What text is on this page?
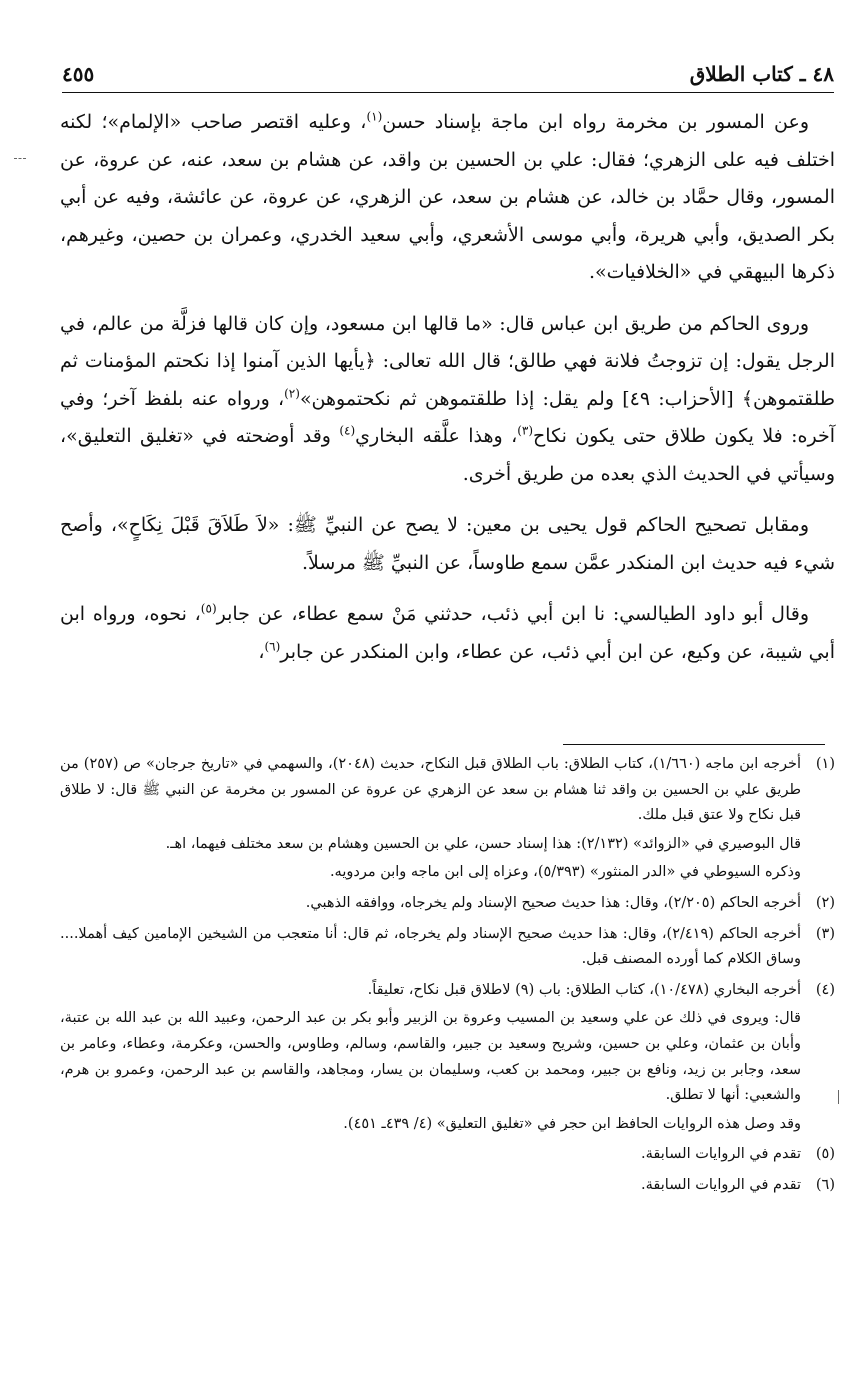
٤٨ ـ كتاب الطلاق
٤٥٥

وعن المسور بن مخرمة رواه ابن ماجة بإسناد حسن$^{(١)}$، وعليه اقتصر صاحب «الإلمام»؛ لكنه اختلف فيه على الزهري؛ فقال: علي بن الحسين بن واقد، عن هشام بن سعد، عنه، عن عروة، عن المسور، وقال حمَّاد بن خالد، عن هشام بن سعد، عن الزهري، عن عروة، عن عائشة، وفيه عن أبي بكر الصديق، وأبي هريرة، وأبي موسى الأشعري، وأبي سعيد الخدري، وعمران بن حصين، وغيرهم، ذكرها البيهقي في «الخلافيات».

وروى الحاكم من طريق ابن عباس قال: «ما قالها ابن مسعود، وإن كان قالها فزلَّة من عالم، في الرجل يقول: إن تزوجتُ فلانة فهي طالق؛ قال الله تعالى: ﴿يأيها الذين آمنوا إذا نكحتم المؤمنات ثم طلقتموهن﴾ [الأحزاب: ٤٩] ولم يقل: إذا طلقتموهن ثم نكحتموهن»$^{(٢)}$، ورواه عنه بلفظ آخر؛ وفي آخره: فلا يكون طلاق حتى يكون نكاح$^{(٣)}$، وهذا علَّقه البخاري$^{(٤)}$ وقد أوضحته في «تغليق التعليق»، وسيأتي في الحديث الذي بعده من طريق أخرى.

ومقابل تصحيح الحاكم قول يحيى بن معين: لا يصح عن النبيِّ ﷺ: «لاَ طَلاَقَ قَبْلَ نِكَاحٍ»، وأصح شيء فيه حديث ابن المنكدر عمَّن سمع طاوساً، عن النبيِّ ﷺ مرسلاً.

وقال أبو داود الطيالسي: نا ابن أبي ذئب، حدثني مَنْ سمع عطاء، عن جابر$^{(٥)}$، نحوه، ورواه ابن أبي شيبة، عن وكيع، عن ابن أبي ذئب، عن عطاء، وابن المنكدر عن جابر$^{(٦)}$،

(١)
أخرجه ابن ماجه (١/٦٦٠)، كتاب الطلاق: باب الطلاق قبل النكاح، حديث (٢٠٤٨)، والسهمي في «تاريخ جرجان» ص (٢٥٧) من طريق علي بن الحسين بن واقد ثنا هشام بن سعد عن الزهري عن عروة عن المسور بن مخرمة عن النبي ﷺ قال: لا طلاق قبل نكاح ولا عتق قبل ملك.
قال البوصيري في «الزوائد» (٢/١٣٢): هذا إسناد حسن، علي بن الحسين وهشام بن سعد مختلف فيهما، اهـ.
وذكره السيوطي في «الدر المنثور» (٥/٣٩٣)، وعزاه إلى ابن ماجه وابن مردويه.
(٢)
أخرجه الحاكم (٢/٢٠٥)، وقال: هذا حديث صحيح الإسناد ولم يخرجاه، ووافقه الذهبي.
(٣)
أخرجه الحاكم (٢/٤١٩)، وقال: هذا حديث صحيح الإسناد ولم يخرجاه، ثم قال: أنا متعجب من الشيخين الإمامين كيف أهملا.... وساق الكلام كما أورده المصنف قبل.
(٤)
أخرجه البخاري (١٠/٤٧٨)، كتاب الطلاق: باب (٩) لاطلاق قبل نكاح، تعليقاً.
قال: ويروى في ذلك عن علي وسعيد بن المسيب وعروة بن الزبير وأبو بكر بن عبد الرحمن، وعبيد الله بن عبد الله بن عتبة، وأبان بن عثمان، وعلي بن حسين، وشريح وسعيد بن جبير، والقاسم، وسالم، وطاوس، والحسن، وعكرمة، وعطاء، وعامر بن سعد، وجابر بن زيد، ونافع بن جبير، ومحمد بن كعب، وسليمان بن يسار، ومجاهد، والقاسم بن عبد الرحمن، وعمرو بن هرم، والشعبي: أنها لا تطلق.
وقد وصل هذه الروايات الحافظ ابن حجر في «تغليق التعليق» (٤/ ٤٣٩ـ ٤٥١).
(٥)
تقدم في الروايات السابقة.
(٦)
تقدم في الروايات السابقة.
